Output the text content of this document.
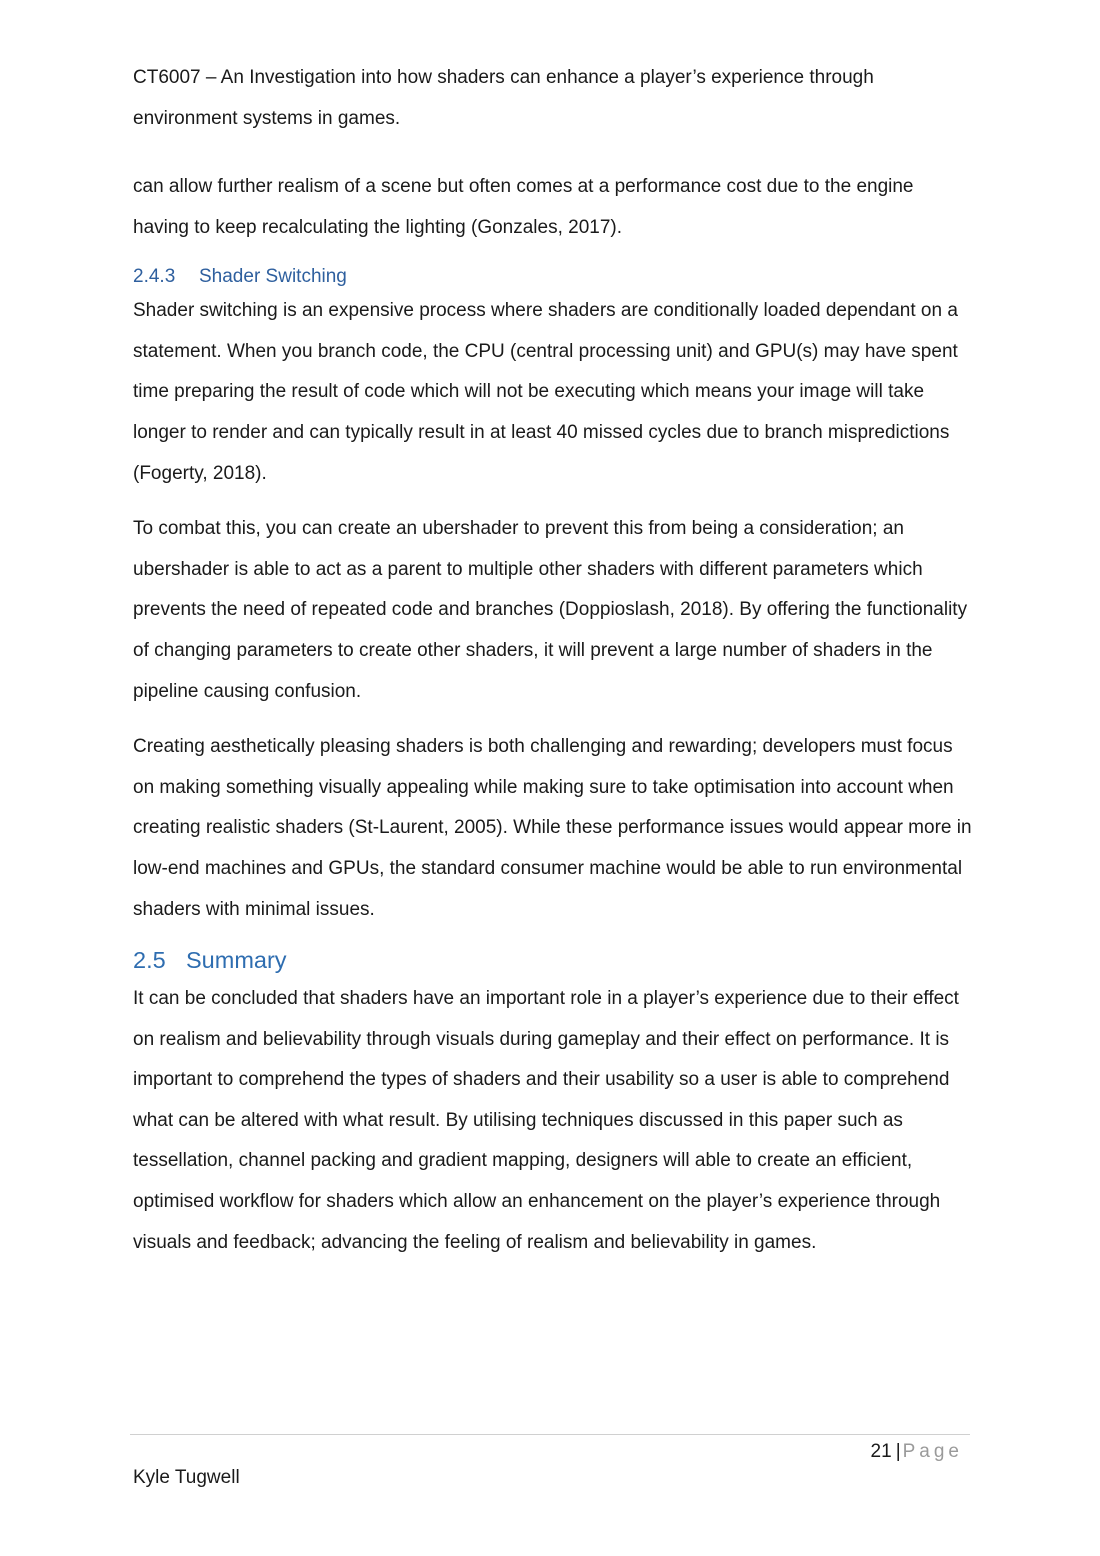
CT6007 – An Investigation into how shaders can enhance a player’s experience through

environment systems in games.

can allow further realism of a scene but often comes at a performance cost due to the engine having to keep recalculating the lighting (Gonzales, 2017).

2.4.3 Shader Switching

Shader switching is an expensive process where shaders are conditionally loaded dependant on a statement. When you branch code, the CPU (central processing unit) and GPU(s) may have spent time preparing the result of code which will not be executing which means your image will take longer to render and can typically result in at least 40 missed cycles due to branch mispredictions (Fogerty, 2018).

To combat this, you can create an ubershader to prevent this from being a consideration; an ubershader is able to act as a parent to multiple other shaders with different parameters which prevents the need of repeated code and branches (Doppioslash, 2018). By offering the functionality of changing parameters to create other shaders, it will prevent a large number of shaders in the pipeline causing confusion.

Creating aesthetically pleasing shaders is both challenging and rewarding; developers must focus on making something visually appealing while making sure to take optimisation into account when creating realistic shaders (St-Laurent, 2005). While these performance issues would appear more in low-end machines and GPUs, the standard consumer machine would be able to run environmental shaders with minimal issues.

2.5 Summary

It can be concluded that shaders have an important role in a player’s experience due to their effect on realism and believability through visuals during gameplay and their effect on performance. It is important to comprehend the types of shaders and their usability so a user is able to comprehend what can be altered with what result. By utilising techniques discussed in this paper such as tessellation, channel packing and gradient mapping, designers will able to create an efficient, optimised workflow for shaders which allow an enhancement on the player’s experience through visuals and feedback; advancing the feeling of realism and believability in games.

21 | Page
Kyle Tugwell
